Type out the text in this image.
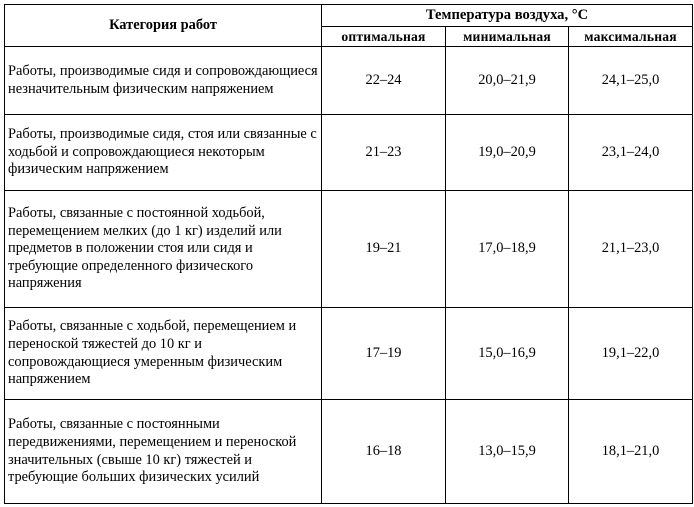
Категория работ	Температура воздуха, °С		
	оптимальная	минимальная	максимальная
Работы, производимые сидя и сопровождающиеся незначительным физическим напряжением	22–24	20,0–21,9	24,1–25,0
Работы, производимые сидя, стоя или связанные с ходьбой и сопровождающиеся некоторым физическим напряжением	21–23	19,0–20,9	23,1–24,0
Работы, связанные с постоянной ходьбой, перемещением мелких (до 1 кг) изделий или предметов в положении стоя или сидя и требующие определенного физического напряжения	19–21	17,0–18,9	21,1–23,0
Работы, связанные с ходьбой, перемещением и переноской тяжестей до 10 кг и сопровождающиеся умеренным физическим напряжением	17–19	15,0–16,9	19,1–22,0
Работы, связанные с постоянными передвижениями, перемещением и переноской значительных (свыше 10 кг) тяжестей и требующие больших физических усилий	16–18	13,0–15,9	18,1–21,0
